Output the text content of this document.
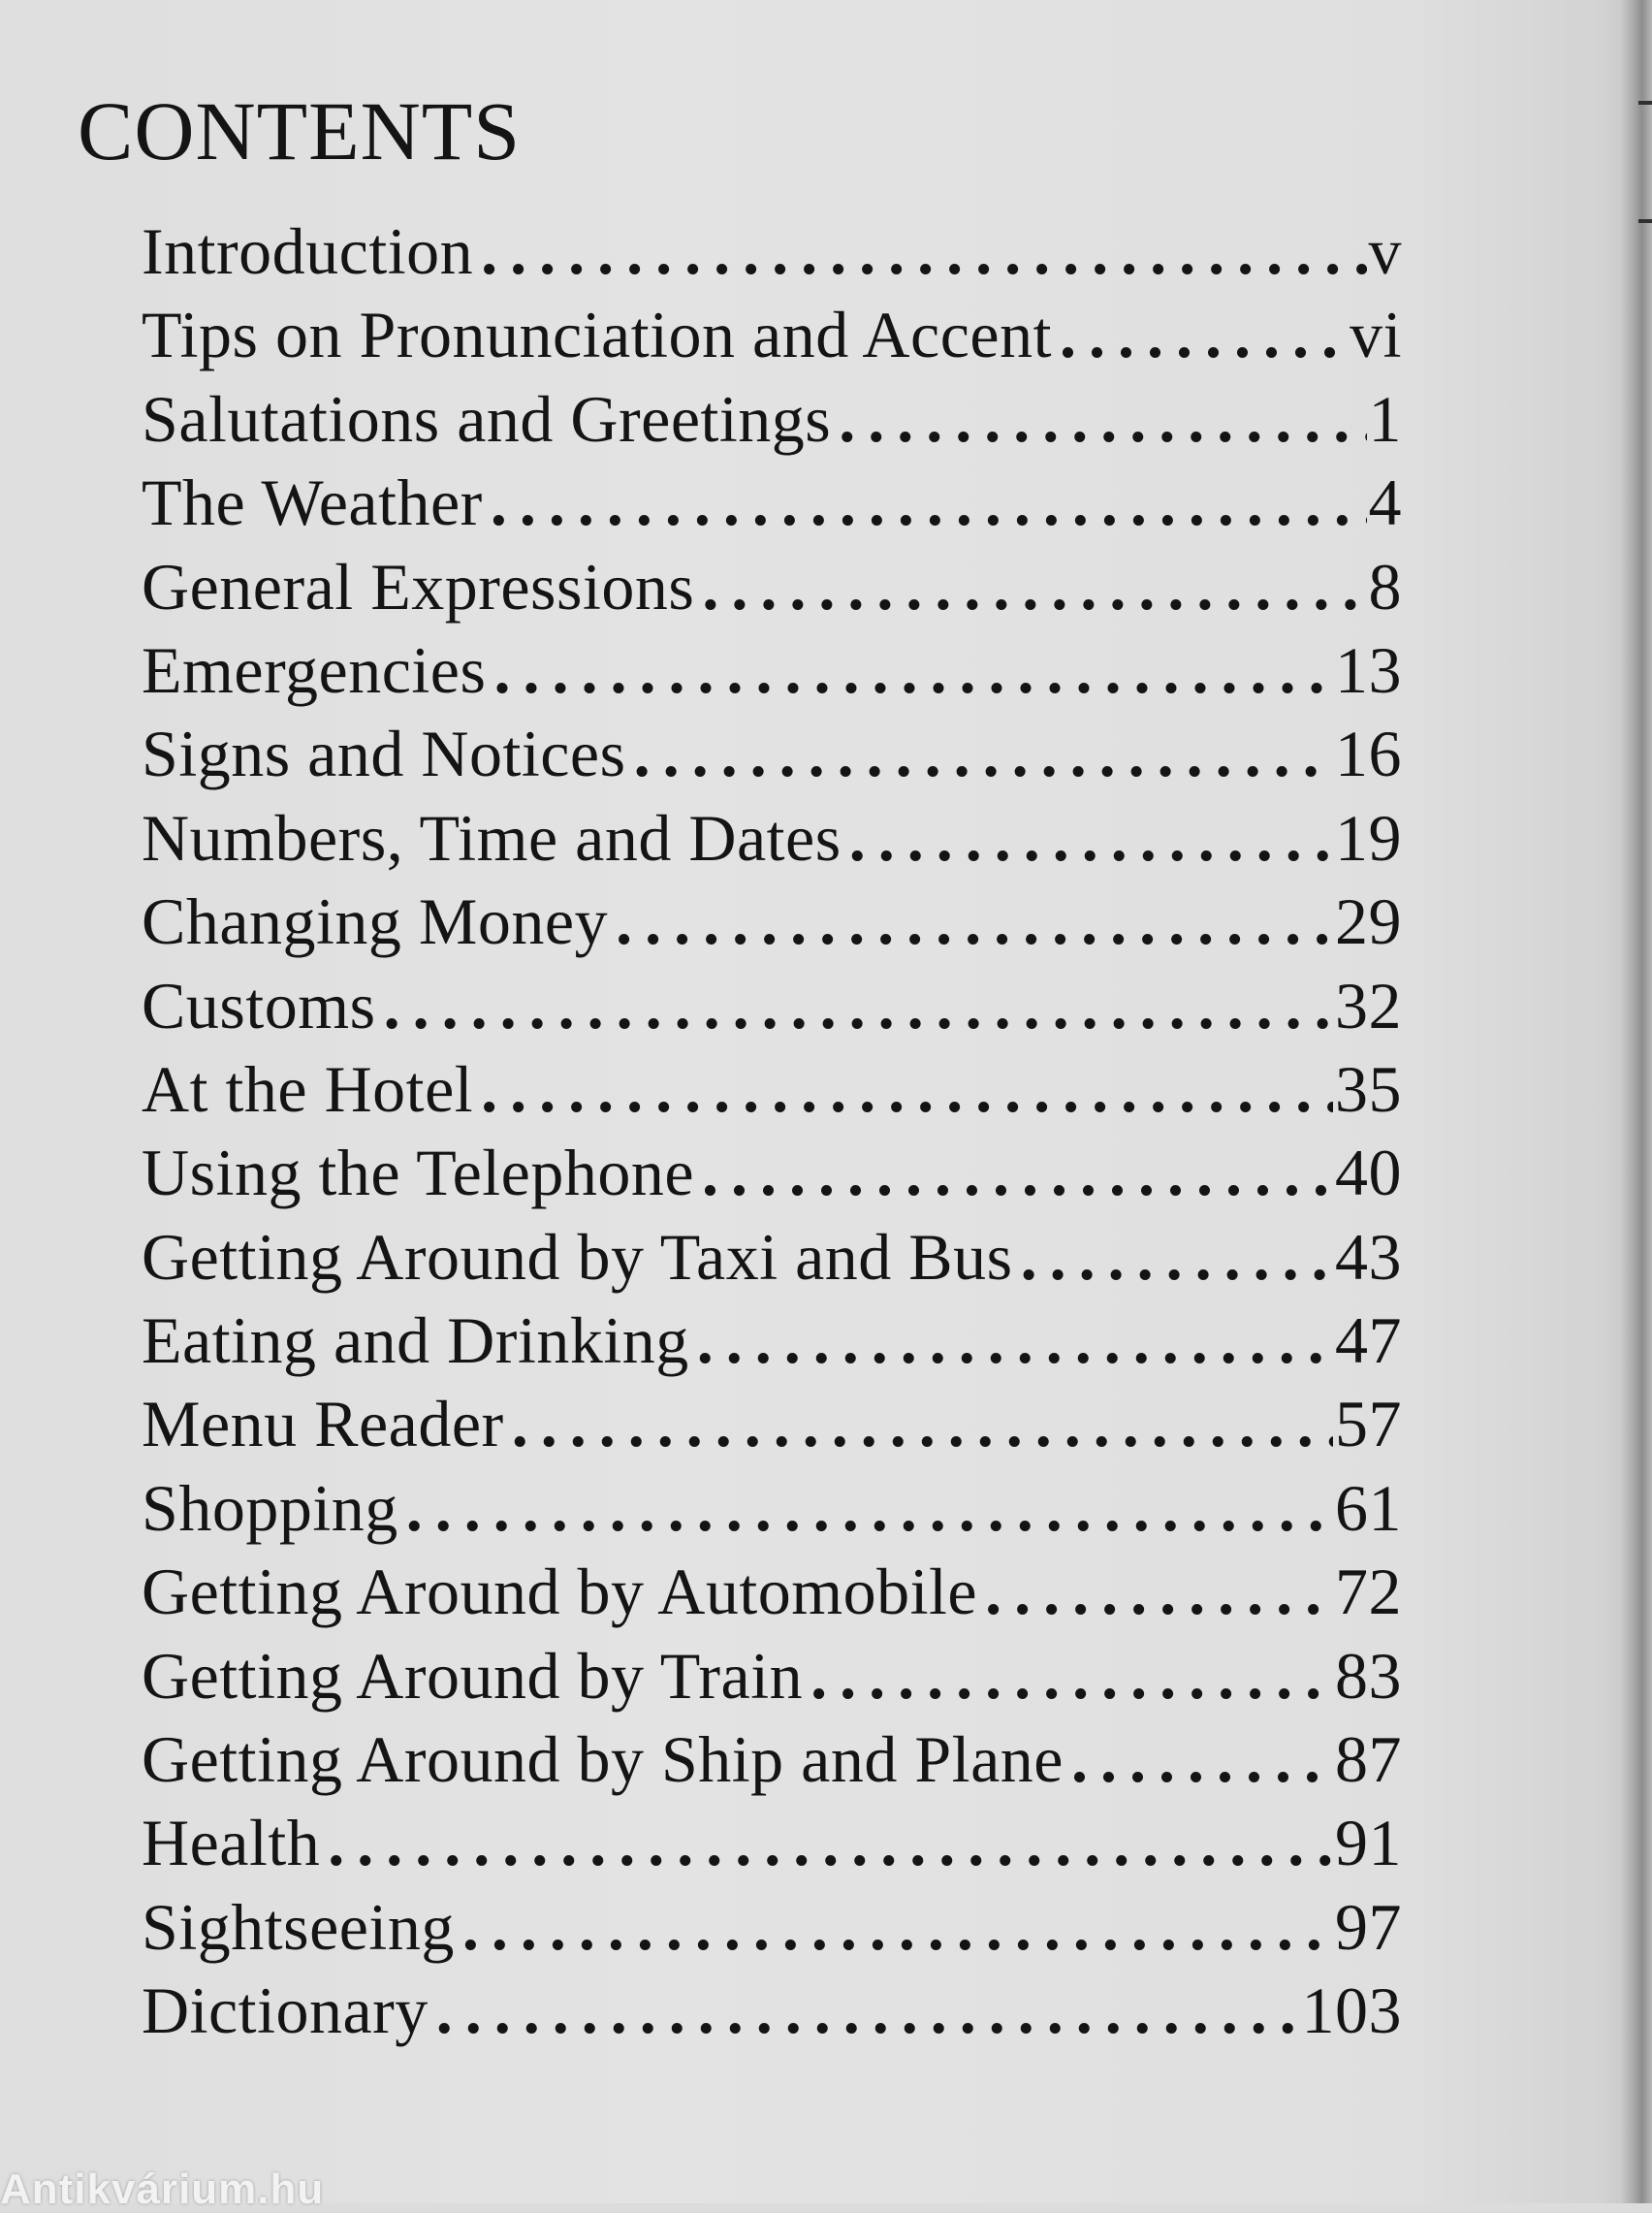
CONTENTS
Introduction .....	v
Tips on Pronunciation and Accent .....	vi
Salutations and Greetings .....	1
The Weather .....	4
General Expressions .....	8
Emergencies .....	13
Signs and Notices .....	16
Numbers, Time and Dates .....	19
Changing Money .....	29
Customs .....	32
At the Hotel .....	35
Using the Telephone .....	40
Getting Around by Taxi and Bus .....	43
Eating and Drinking .....	47
Menu Reader .....	57
Shopping .....	61
Getting Around by Automobile .....	72
Getting Around by Train .....	83
Getting Around by Ship and Plane .....	87
Health .....	91
Sightseeing .....	97
Dictionary .....	103
Antikvárium.hu
